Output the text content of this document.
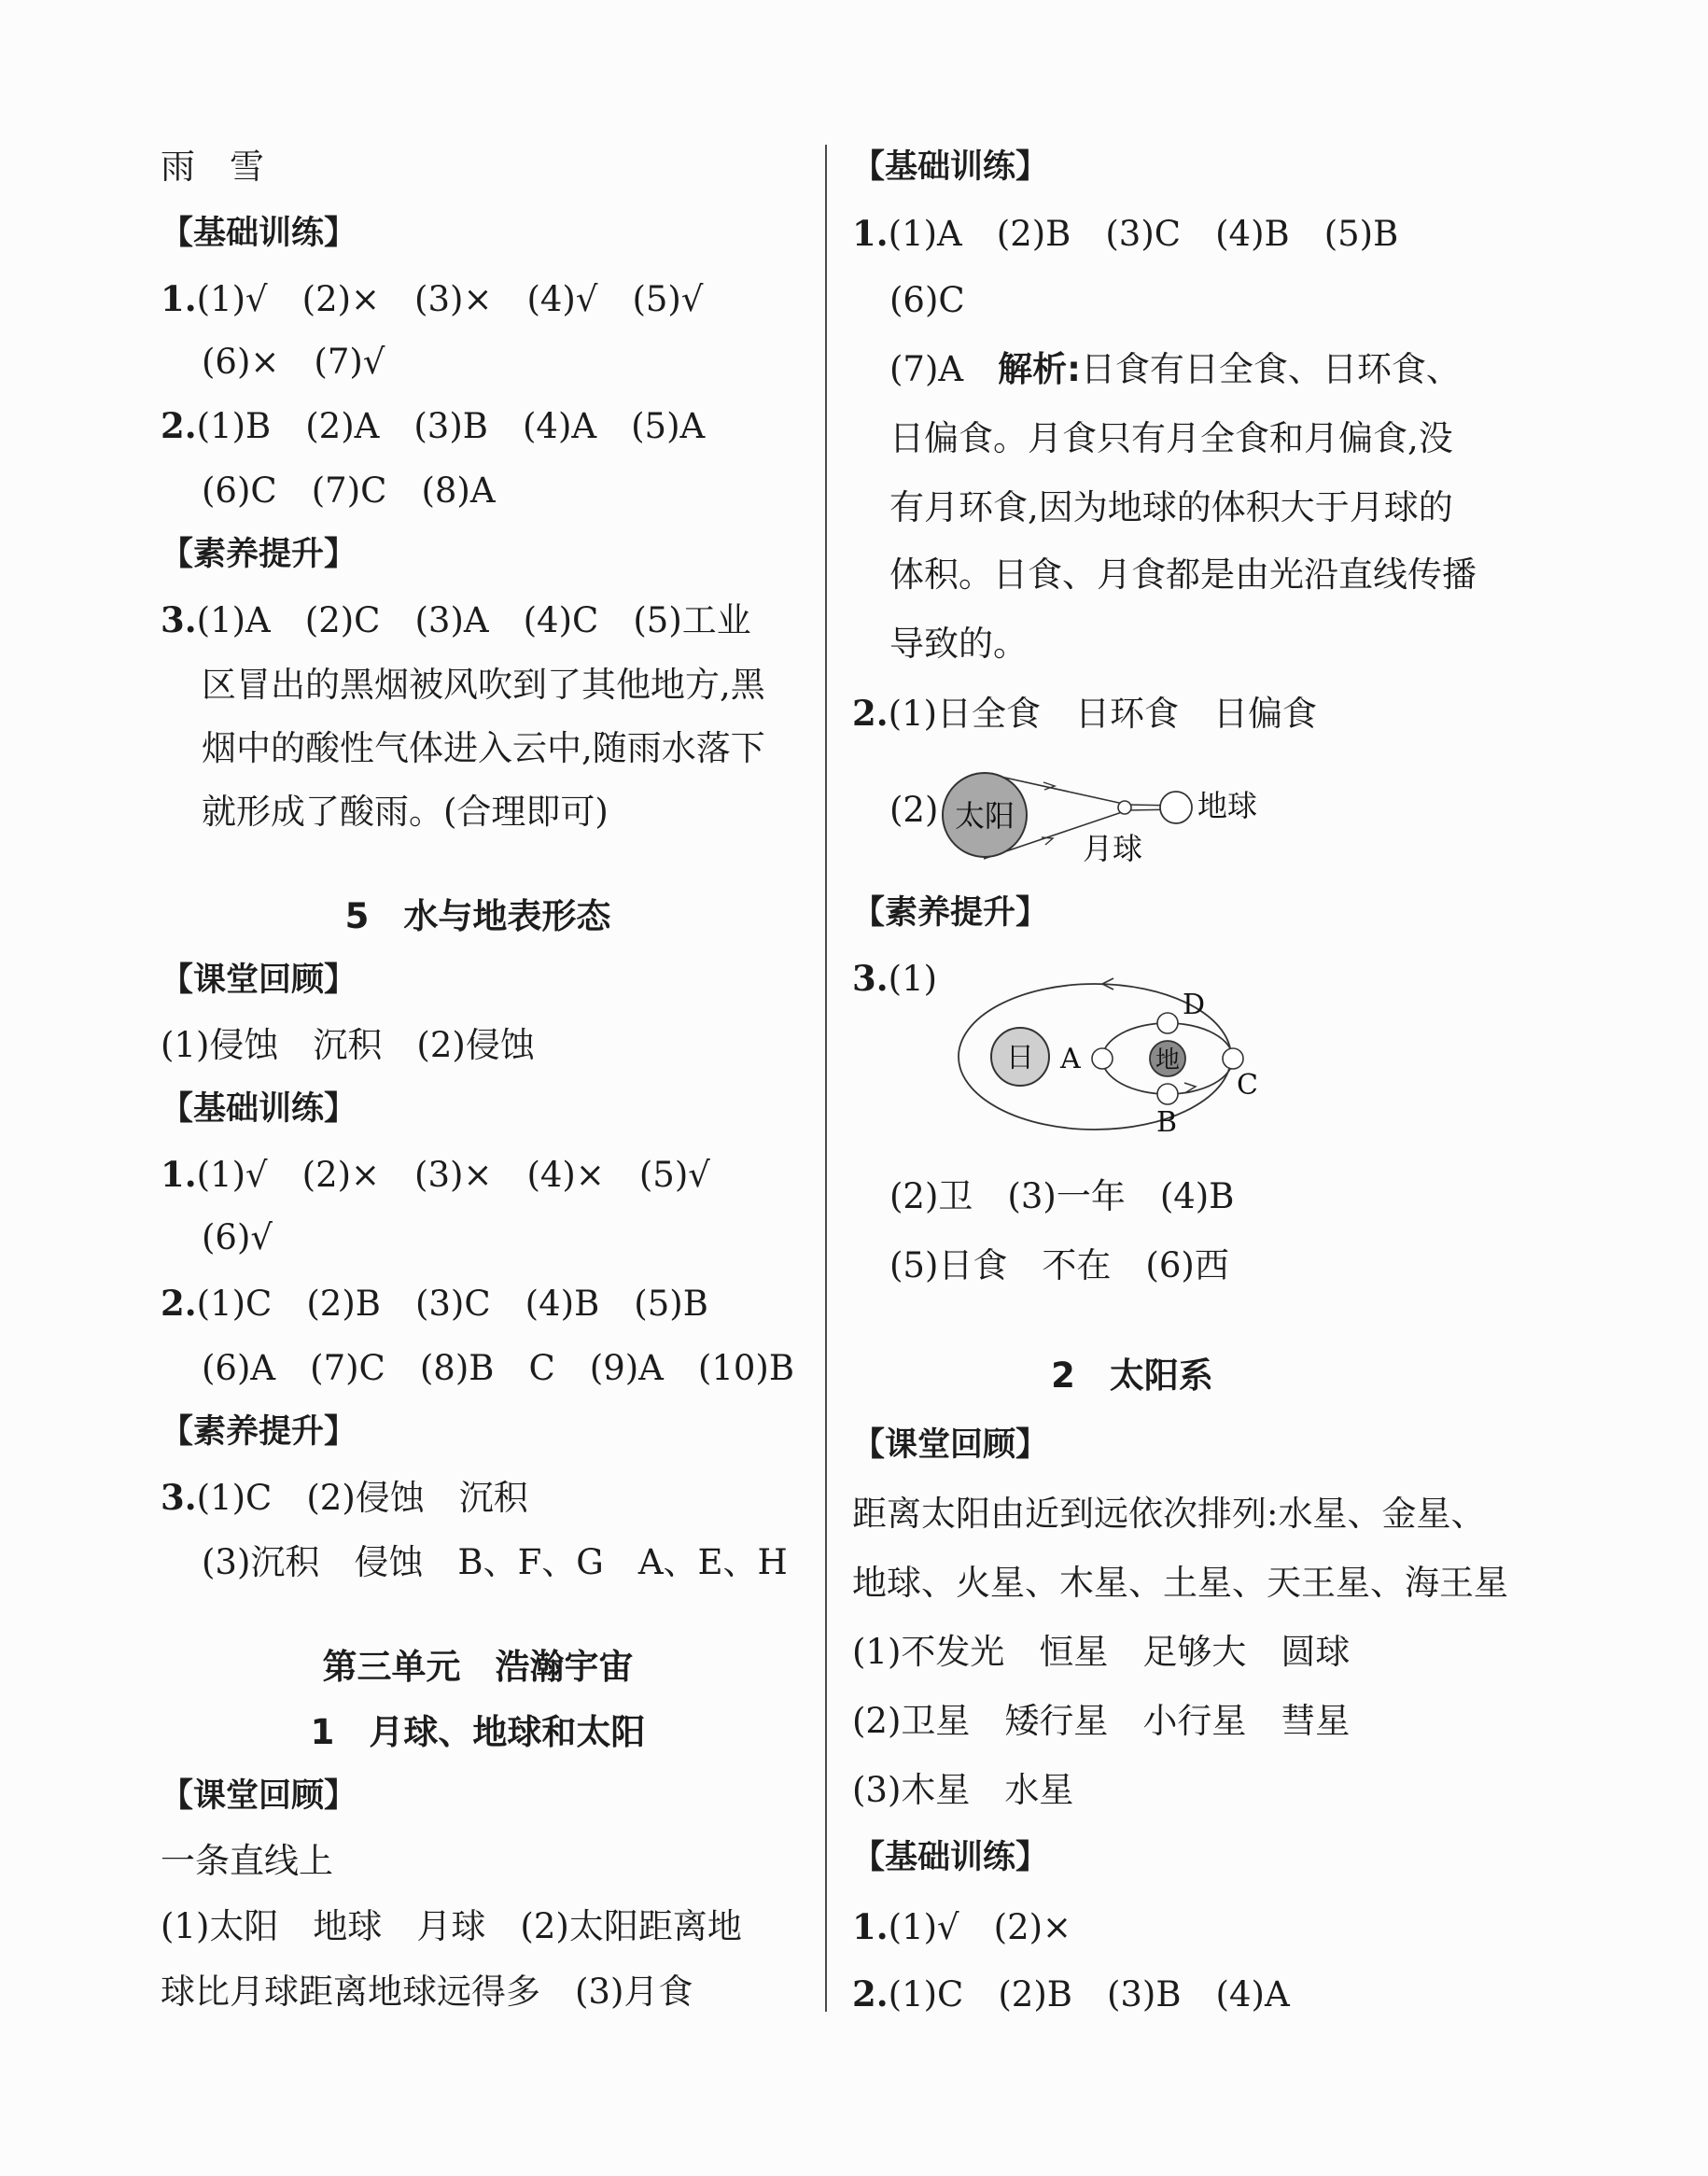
雨　雪
【基础训练】
1.(1)√　(2)×　(3)×　(4)√　(5)√
(6)×　(7)√
2.(1)B　(2)A　(3)B　(4)A　(5)A
(6)C　(7)C　(8)A
【素养提升】
3.(1)A　(2)C　(3)A　(4)C　(5)工业
区冒出的黑烟被风吹到了其他地方,黑
烟中的酸性气体进入云中,随雨水落下
就形成了酸雨。(合理即可)
5　水与地表形态
【课堂回顾】
(1)侵蚀　沉积　(2)侵蚀
【基础训练】
1.(1)√　(2)×　(3)×　(4)×　(5)√
(6)√
2.(1)C　(2)B　(3)C　(4)B　(5)B
(6)A　(7)C　(8)B　C　(9)A　(10)B
【素养提升】
3.(1)C　(2)侵蚀　沉积
(3)沉积　侵蚀　B、F、G　A、E、H
第三单元　浩瀚宇宙
1　月球、地球和太阳
【课堂回顾】
一条直线上
(1)太阳　地球　月球　(2)太阳距离地
球比月球距离地球远得多　(3)月食
【基础训练】
1.(1)A　(2)B　(3)C　(4)B　(5)B
(6)C
(7)A　解析:日食有日全食、日环食、
日偏食。月食只有月全食和月偏食,没
有月环食,因为地球的体积大于月球的
体积。日食、月食都是由光沿直线传播
导致的。
2.(1)日全食　日环食　日偏食
(2) 太阳	地球
月球
【素养提升】
3.(1)
日 A	地
D
C
B
(2)卫　(3)一年　(4)B
(5)日食　不在　(6)西
2　太阳系
【课堂回顾】
距离太阳由近到远依次排列:水星、金星、
地球、火星、木星、土星、天王星、海王星
(1)不发光　恒星　足够大　圆球
(2)卫星　矮行星　小行星　彗星
(3)木星　水星
【基础训练】
1.(1)√　(2)×
2.(1)C　(2)B　(3)B　(4)A
